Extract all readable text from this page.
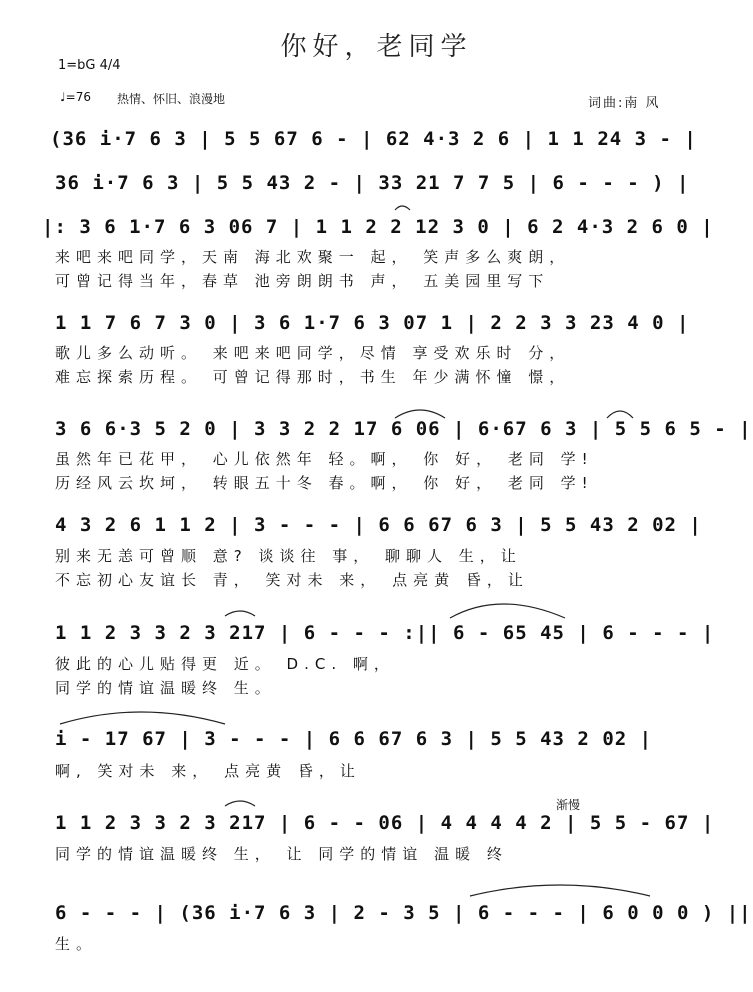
你好，老同学
1=bG 4/4
♩=76 热情、怀旧、浪漫地	词曲:南 风
(36 i·7 6 3 | 5 5 67 6 - | 62 4·3 2 6 | 1 1 24 3 - |
36 i·7 6 3 | 5 5 43 2 - | 33 21 7 7 5 | 6 - - - ) |
|: 3 6 1·7 6 3 06 7 | 1 1 2 2 12 3 0 | 6 2 4·3 2 6 0 |
来吧来吧同学，天南 海北欢聚一 起， 笑声多么爽朗，
可曾记得当年，春草 池旁朗朗书 声， 五美园里写下
1 1 7 6 7 3 0 | 3 6 1·7 6 3 07 1 | 2 2 3 3 23 4 0 |
歌儿多么动听。 来吧来吧同学，尽情 享受欢乐时 分，
难忘探索历程。 可曾记得那时，书生 年少满怀憧 憬，
3 6 6·3 5 2 0 | 3 3 2 2 17 6 06 | 6·67 6 3 | 5 5 6 5 - |
虽然年已花甲， 心儿依然年 轻。啊， 你 好， 老同 学!
历经风云坎坷， 转眼五十冬 春。啊， 你 好， 老同 学!
4 3 2 6 1 1 2 | 3 - - - | 6 6 67 6 3 | 5 5 43 2 02 |
别来无恙可曾顺 意? 谈谈往 事， 聊聊人 生，让
不忘初心友谊长 青， 笑对未 来， 点亮黄 昏，让
1 1 2 3 3 2 3 217 | 6 - - - :|| 6 - 65 45 | 6 - - - |
彼此的心儿贴得更 近。 D.C. 啊，
同学的情谊温暖终 生。
i - 17 67 | 3 - - - | 6 6 67 6 3 | 5 5 43 2 02 |
啊, 笑对未 来， 点亮黄 昏，让
渐慢
1 1 2 3 3 2 3 217 | 6 - - 06 | 4 4 4 4 2 | 5 5 - 67 |
同学的情谊温暖终 生， 让 同学的情谊 温暖 终
6 - - - | (36 i·7 6 3 | 2 - 3 5 | 6 - - - | 6 0 0 0 ) ||
生。
